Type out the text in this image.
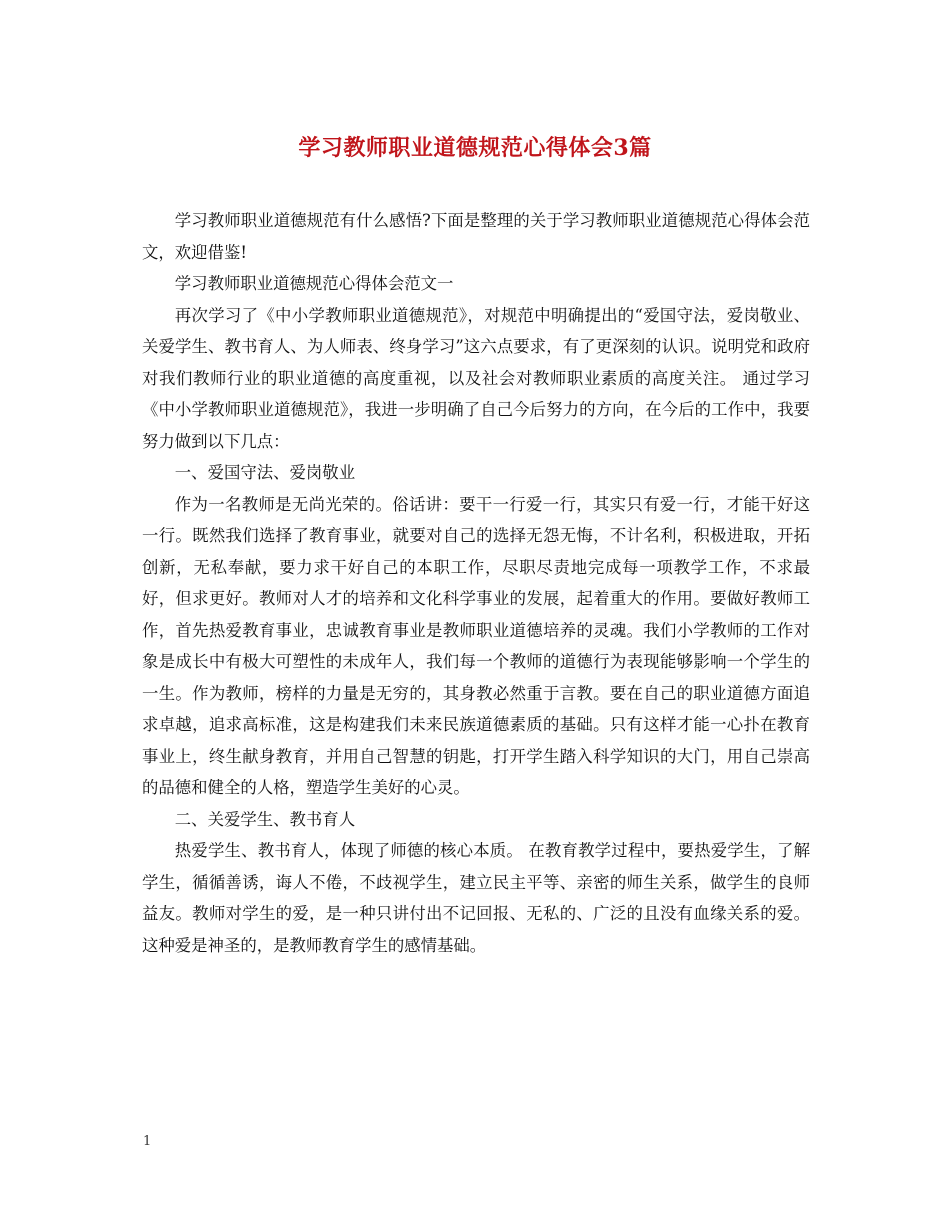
学习教师职业道德规范心得体会3篇

学习教师职业道德规范有什么感悟?下面是整理的关于学习教师职业道德规范心得体会范文，欢迎借鉴!

学习教师职业道德规范心得体会范文一

再次学习了《中小学教师职业道德规范》，对规范中明确提出的“爱国守法，爱岗敬业、关爱学生、教书育人、为人师表、终身学习”这六点要求，有了更深刻的认识。说明党和政府对我们教师行业的职业道德的高度重视，以及社会对教师职业素质的高度关注。 通过学习《中小学教师职业道德规范》，我进一步明确了自己今后努力的方向，在今后的工作中，我要努力做到以下几点：

一、爱国守法、爱岗敬业

作为一名教师是无尚光荣的。俗话讲：要干一行爱一行，其实只有爱一行，才能干好这一行。既然我们选择了教育事业，就要对自己的选择无怨无悔，不计名利，积极进取，开拓创新，无私奉献，要力求干好自己的本职工作，尽职尽责地完成每一项教学工作，不求最好，但求更好。教师对人才的培养和文化科学事业的发展，起着重大的作用。要做好教师工作，首先热爱教育事业，忠诚教育事业是教师职业道德培养的灵魂。我们小学教师的工作对象是成长中有极大可塑性的未成年人，我们每一个教师的道德行为表现能够影响一个学生的一生。作为教师，榜样的力量是无穷的，其身教必然重于言教。要在自己的职业道德方面追求卓越，追求高标准，这是构建我们未来民族道德素质的基础。只有这样才能一心扑在教育事业上，终生献身教育，并用自己智慧的钥匙，打开学生踏入科学知识的大门，用自己崇高的品德和健全的人格，塑造学生美好的心灵。

二、关爱学生、教书育人

热爱学生、教书育人，体现了师德的核心本质。 在教育教学过程中，要热爱学生，了解学生，循循善诱，诲人不倦，不歧视学生，建立民主平等、亲密的师生关系，做学生的良师益友。教师对学生的爱，是一种只讲付出不记回报、无私的、广泛的且没有血缘关系的爱。这种爱是神圣的，是教师教育学生的感情基础。

1
